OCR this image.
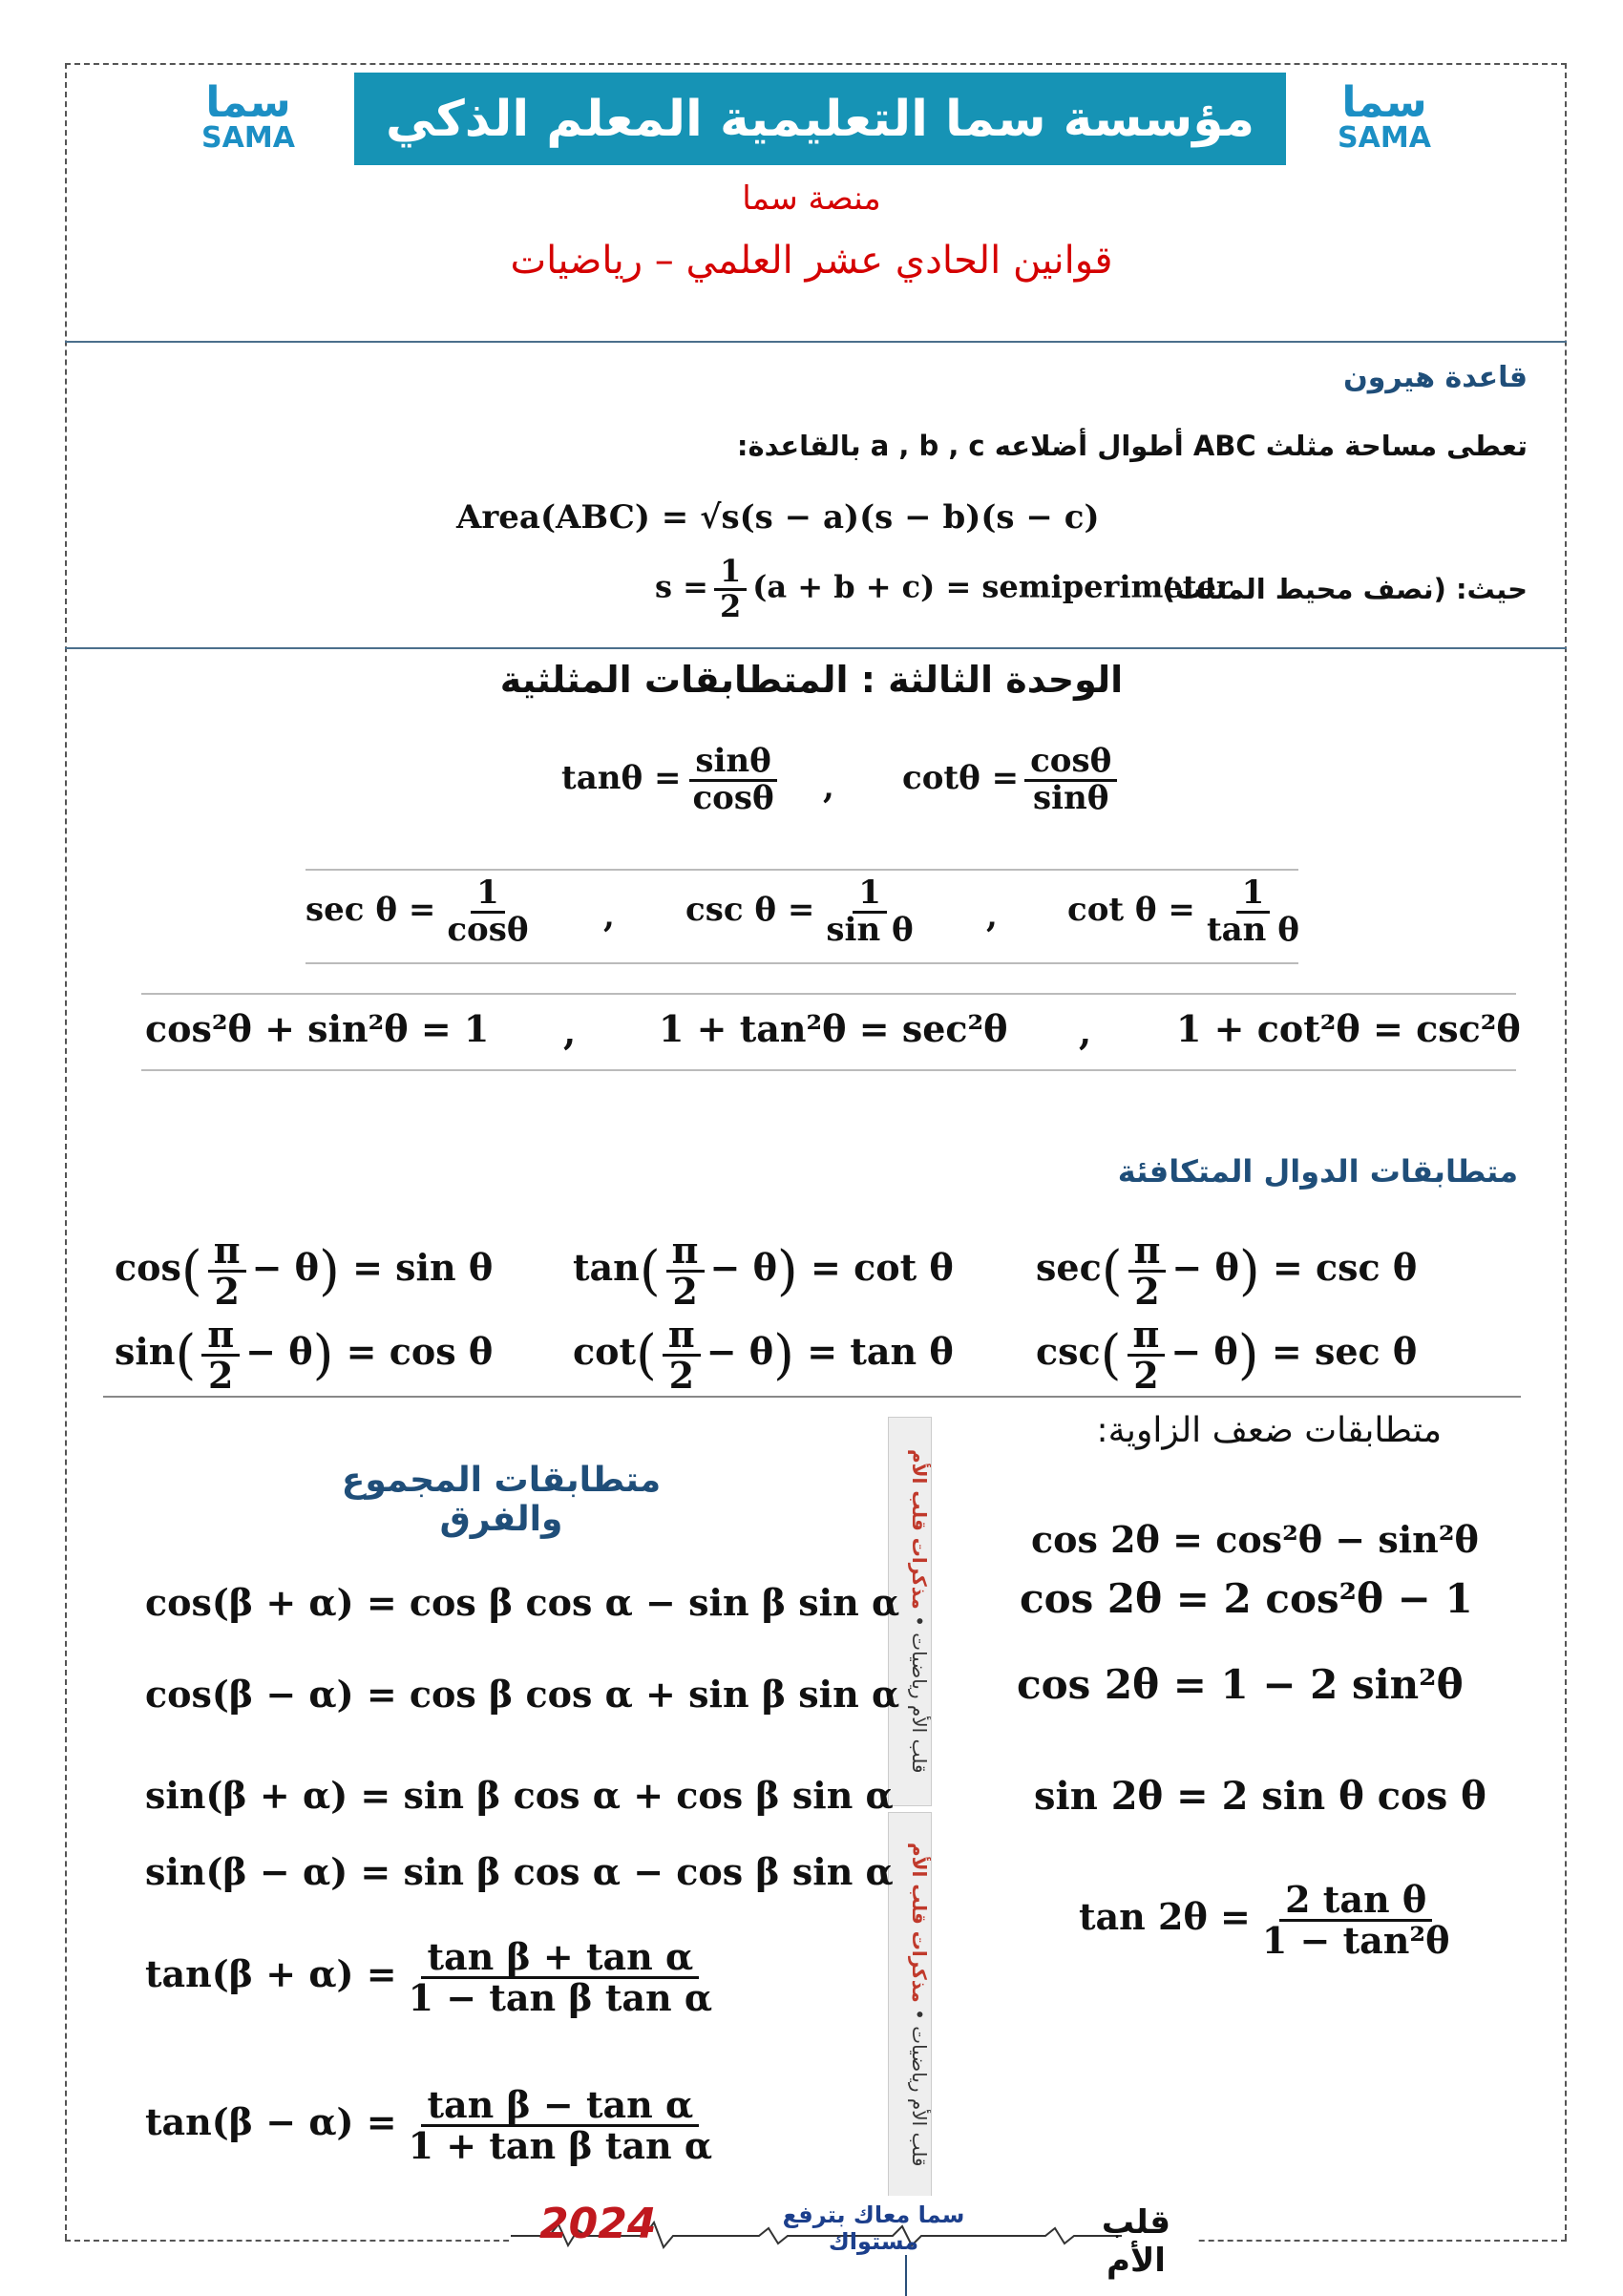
سما
SAMA
سما
SAMA	مؤسسة سما التعليمية المعلم الذكي
منصة سما
قوانين الحادي عشر العلمي – رياضيات
قاعدة هيرون
تعطى مساحة مثلث ABC أطوال أضلاعه a , b , c بالقاعدة:
Area(ABC) = √s(s − a)(s − b)(s − c)
حيث: (نصف محيط المثلث)
$s = \frac{1}{2} (a + b + c)$ = semiperimeter
الوحدة الثالثة : المتطابقات المثلثية
$\tan\theta = \frac{\sin\theta}{\cos\theta}$ , $\cot\theta = \frac{\cos\theta}{\sin\theta}$
$\sec \theta = \frac{1}{\cos\theta}$ , $\csc \theta = \frac{1}{\text{sin θ}}$ , $\cot \theta = \frac{1}{\text{tan θ}}$
cos²θ + sin²θ = 1 , 1 + tan²θ = sec²θ , 1 + cot²θ = csc²θ
متطابقات الدوال المتكافئة
$\cos( \frac{\pi}{2} - \theta) = \sin \theta$ $\tan( \frac{\pi}{2} - \theta) = \cot \theta$ $\sec( \frac{\pi}{2} - \theta) = \csc \theta$
$\sin( \frac{\pi}{2} - \theta) = \cos \theta$ $\cot( \frac{\pi}{2} - \theta) = \tan \theta$ $\csc( \frac{\pi}{2} - \theta) = \sec \theta$
متطابقات ضعف الزاوية:
cos 2θ = cos²θ − sin²θ
cos 2θ = 2 cos²θ − 1
cos 2θ = 1 − 2 sin²θ
sin 2θ = 2 sin θ cos θ
$\tan 2\theta = \frac{\text{2 tan θ}}{\text{1 − tan²θ}}$
قلب الأم رياضيات • مذكرات قلب الأم
قلب الأم رياضيات • مذكرات قلب الأم
متطابقات المجموع والفرق
cos(β + α) = cos β cos α − sin β sin α
cos(β − α) = cos β cos α + sin β sin α
sin(β + α) = sin β cos α + cos β sin α
sin(β − α) = sin β cos α − cos β sin α
$\tan(\beta + \alpha) = \frac{\text{tan β + tan α}}{\text{1 − tan β tan α}}$
$\tan(\beta - \alpha) = \frac{\text{tan β − tan α}}{\text{1 + tan β tan α}}$
2024	سما معاك بترفع مستواك	قلب الأم
